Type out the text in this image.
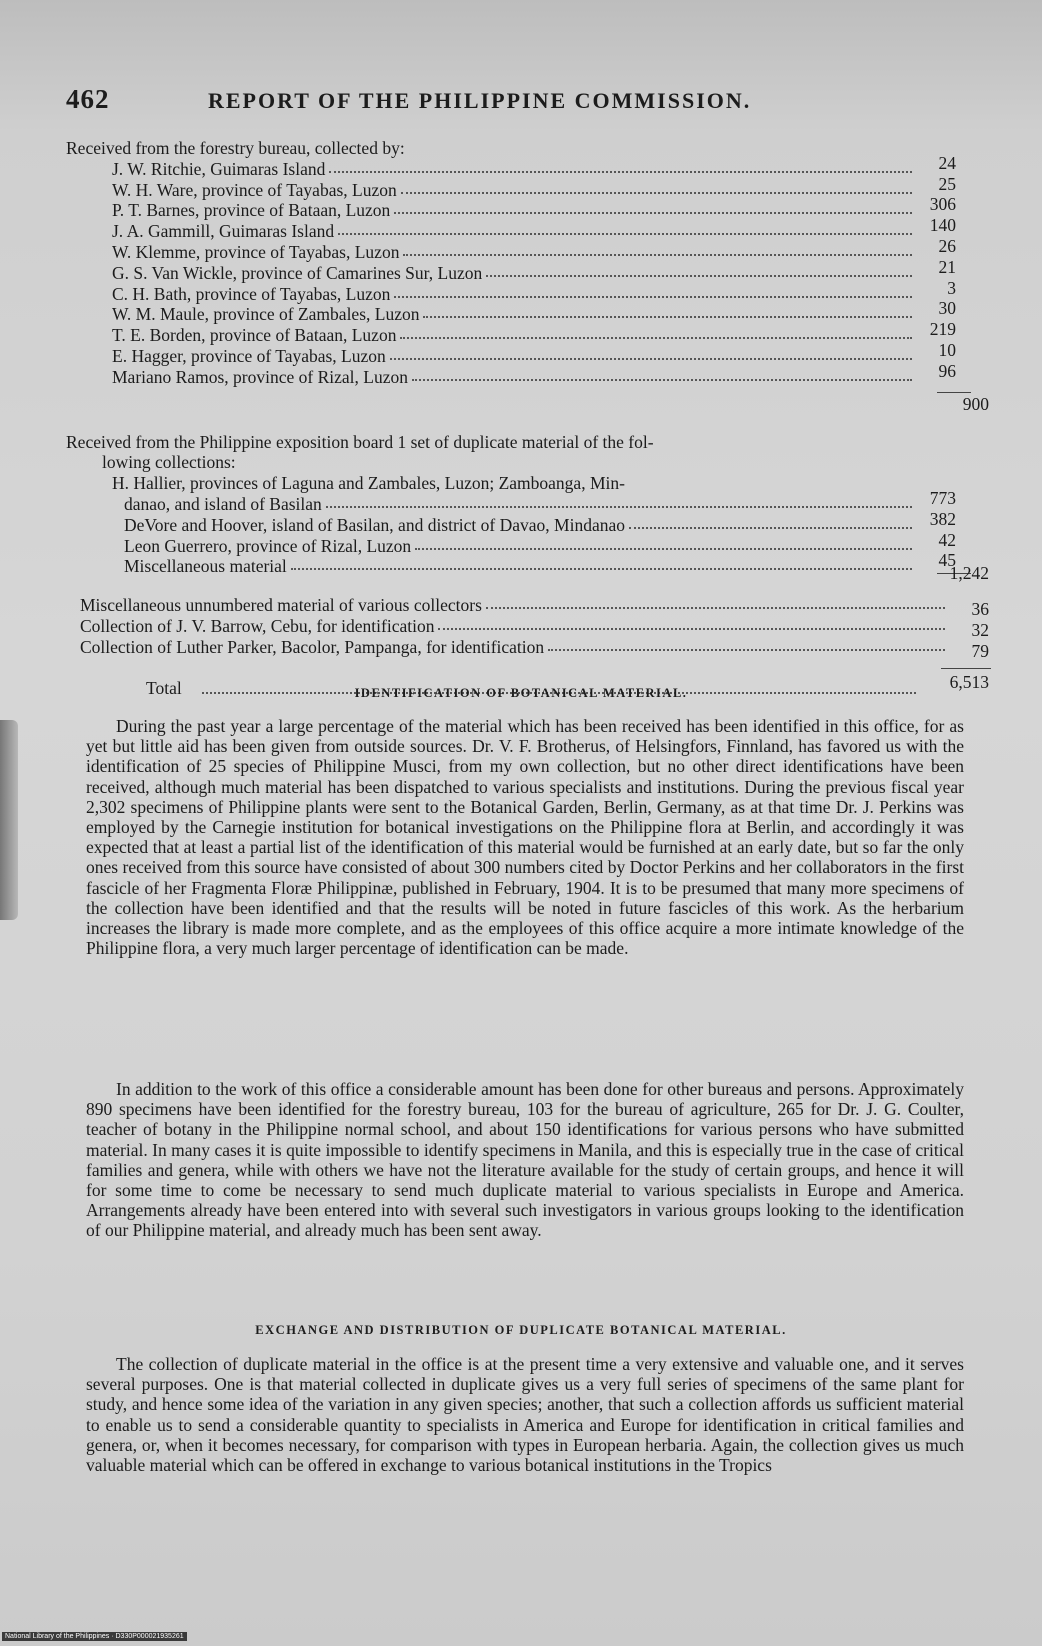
462	REPORT OF THE PHILIPPINE COMMISSION.
Received from the forestry bureau, collected by:
J. W. Ritchie, Guimaras Island	24
W. H. Ware, province of Tayabas, Luzon	25
P. T. Barnes, province of Bataan, Luzon	306
J. A. Gammill, Guimaras Island	140
W. Klemme, province of Tayabas, Luzon	26
G. S. Van Wickle, province of Camarines Sur, Luzon	21
C. H. Bath, province of Tayabas, Luzon	3
W. M. Maule, province of Zambales, Luzon	30
T. E. Borden, province of Bataan, Luzon	219
E. Hagger, province of Tayabas, Luzon	10
Mariano Ramos, province of Rizal, Luzon	96
900
Received from the Philippine exposition board 1 set of duplicate material of the fol-
lowing collections:
H. Hallier, provinces of Laguna and Zambales, Luzon; Zamboanga, Min-
danao, and island of Basilan	773
DeVore and Hoover, island of Basilan, and district of Davao, Mindanao	382
Leon Guerrero, province of Rizal, Luzon	42
Miscellaneous material	45
1,242
Miscellaneous unnumbered material of various collectors	36
Collection of J. V. Barrow, Cebu, for identification	32
Collection of Luther Parker, Bacolor, Pampanga, for identification	79
Total	6,513
IDENTIFICATION OF BOTANICAL MATERIAL.
During the past year a large percentage of the material which has been received has been identified in this office, for as yet but little aid has been given from outside sources. Dr. V. F. Brotherus, of Helsingfors, Finnland, has favored us with the identification of 25 species of Philippine Musci, from my own collection, but no other direct identifications have been received, although much material has been dispatched to various specialists and institutions. During the previous fiscal year 2,302 specimens of Philippine plants were sent to the Botanical Garden, Berlin, Germany, as at that time Dr. J. Perkins was employed by the Carnegie institution for botanical investigations on the Philippine flora at Berlin, and accordingly it was expected that at least a partial list of the identification of this material would be furnished at an early date, but so far the only ones received from this source have consisted of about 300 numbers cited by Doctor Perkins and her collaborators in the first fascicle of her Fragmenta Floræ Philippinæ, published in February, 1904. It is to be presumed that many more specimens of the collection have been identified and that the results will be noted in future fascicles of this work. As the herbarium increases the library is made more complete, and as the employees of this office acquire a more intimate knowledge of the Philippine flora, a very much larger percentage of identification can be made.
In addition to the work of this office a considerable amount has been done for other bureaus and persons. Approximately 890 specimens have been identified for the forestry bureau, 103 for the bureau of agriculture, 265 for Dr. J. G. Coulter, teacher of botany in the Philippine normal school, and about 150 identifications for various persons who have submitted material. In many cases it is quite impossible to identify specimens in Manila, and this is especially true in the case of critical families and genera, while with others we have not the literature available for the study of certain groups, and hence it will for some time to come be necessary to send much duplicate material to various specialists in Europe and America. Arrangements already have been entered into with several such investigators in various groups looking to the identification of our Philippine material, and already much has been sent away.
EXCHANGE AND DISTRIBUTION OF DUPLICATE BOTANICAL MATERIAL.
The collection of duplicate material in the office is at the present time a very extensive and valuable one, and it serves several purposes. One is that material collected in duplicate gives us a very full series of specimens of the same plant for study, and hence some idea of the variation in any given species; another, that such a collection affords us sufficient material to enable us to send a considerable quantity to specialists in America and Europe for identification in critical families and genera, or, when it becomes necessary, for comparison with types in European herbaria. Again, the collection gives us much valuable material which can be offered in exchange to various botanical institutions in the Tropics
National Library of the Philippines · D330P000021935261
